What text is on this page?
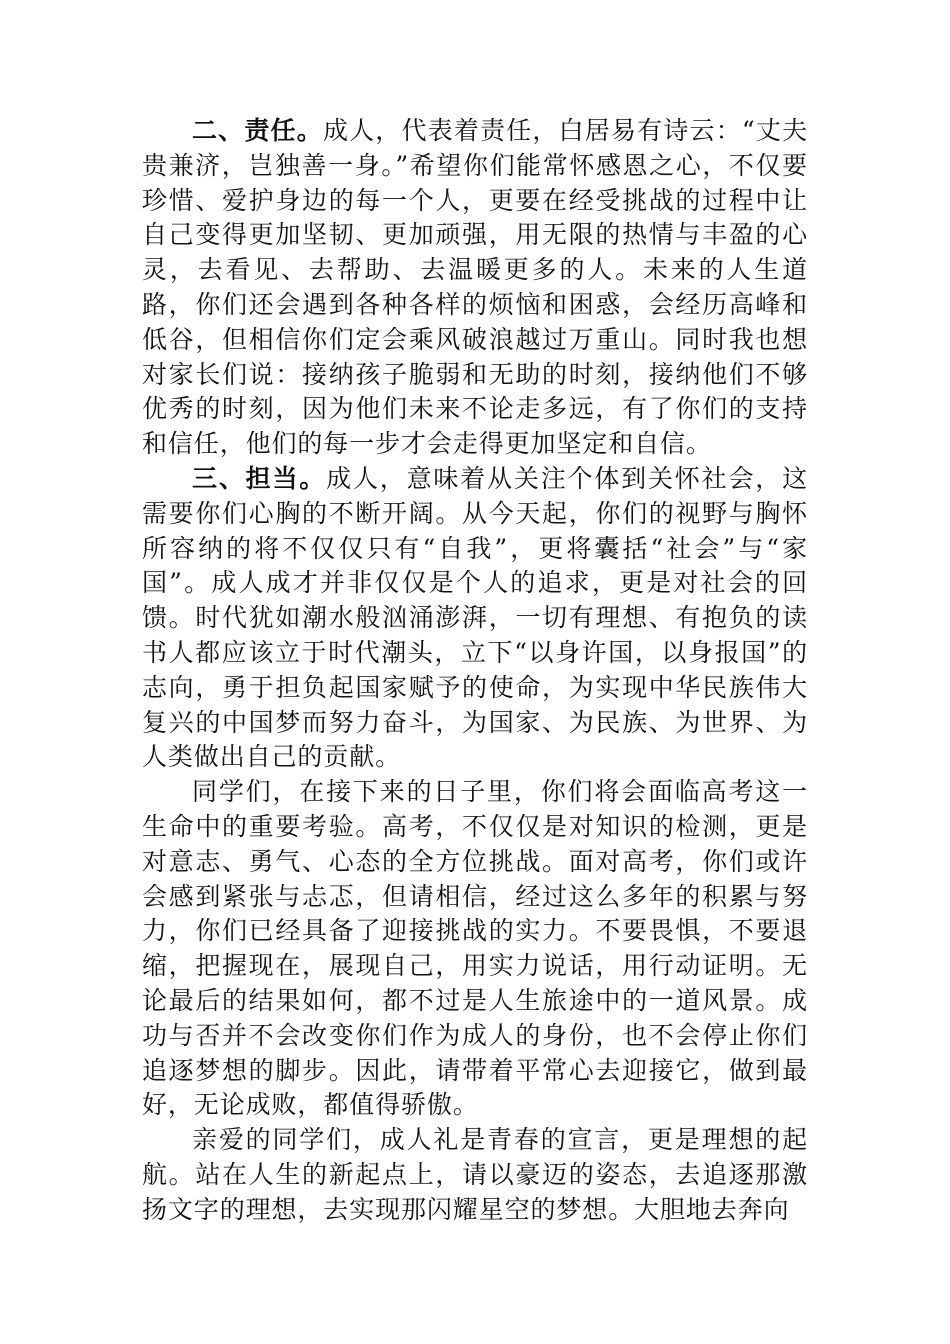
二、责任。成人，代表着责任，白居易有诗云：“丈夫贵兼济，岂独善一身。”希望你们能常怀感恩之心，不仅要珍惜、爱护身边的每一个人，更要在经受挑战的过程中让自己变得更加坚韧、更加顽强，用无限的热情与丰盈的心灵，去看见、去帮助、去温暖更多的人。未来的人生道路，你们还会遇到各种各样的烦恼和困惑，会经历高峰和低谷，但相信你们定会乘风破浪越过万重山。同时我也想对家长们说：接纳孩子脆弱和无助的时刻，接纳他们不够优秀的时刻，因为他们未来不论走多远，有了你们的支持和信任，他们的每一步才会走得更加坚定和自信。

三、担当。成人，意味着从关注个体到关怀社会，这需要你们心胸的不断开阔。从今天起，你们的视野与胸怀所容纳的将不仅仅只有“自我”，更将囊括“社会”与“家国”。成人成才并非仅仅是个人的追求，更是对社会的回馈。时代犹如潮水般汹涌澎湃，一切有理想、有抱负的读书人都应该立于时代潮头，立下“以身许国，以身报国”的志向，勇于担负起国家赋予的使命，为实现中华民族伟大复兴的中国梦而努力奋斗，为国家、为民族、为世界、为人类做出自己的贡献。

同学们，在接下来的日子里，你们将会面临高考这一生命中的重要考验。高考，不仅仅是对知识的检测，更是对意志、勇气、心态的全方位挑战。面对高考，你们或许会感到紧张与忐忑，但请相信，经过这么多年的积累与努力，你们已经具备了迎接挑战的实力。不要畏惧，不要退缩，把握现在，展现自己，用实力说话，用行动证明。无论最后的结果如何，都不过是人生旅途中的一道风景。成功与否并不会改变你们作为成人的身份，也不会停止你们追逐梦想的脚步。因此，请带着平常心去迎接它，做到最好，无论成败，都值得骄傲。

亲爱的同学们，成人礼是青春的宣言，更是理想的起航。站在人生的新起点上，请以豪迈的姿态，去追逐那激扬文字的理想，去实现那闪耀星空的梦想。大胆地去奔向
